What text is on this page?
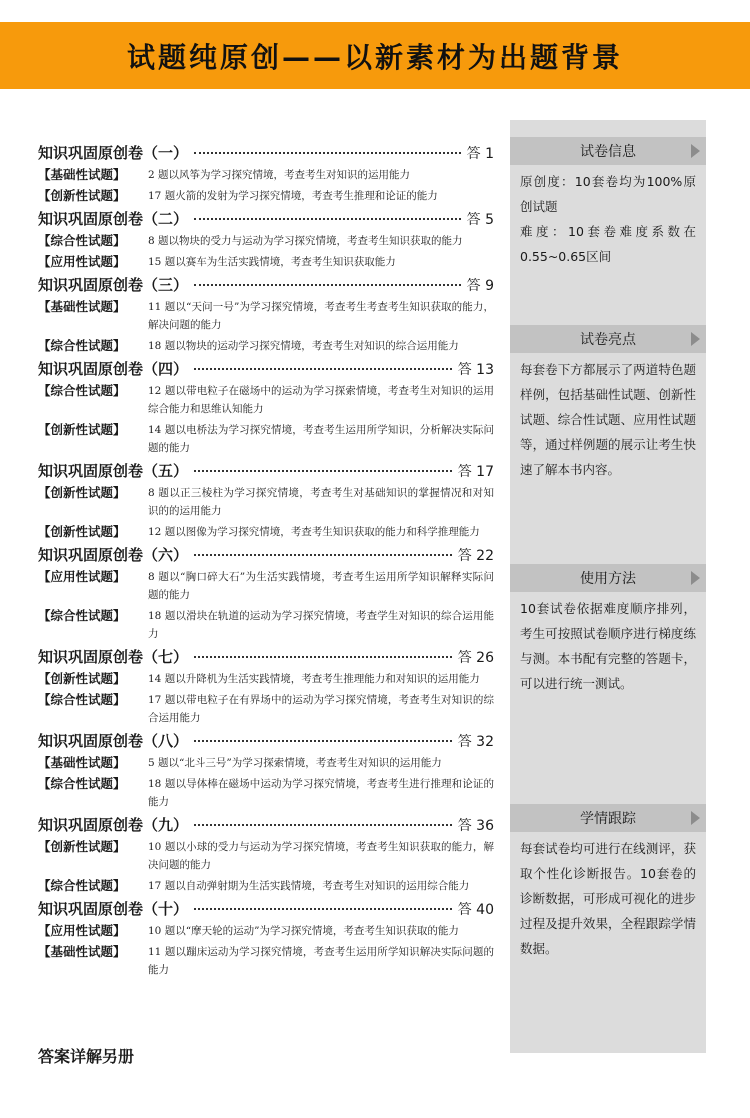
试题纯原创——以新素材为出题背景
知识巩固原创卷（一）	答 1
【基础性试题】	2 题以风筝为学习探究情境，考查考生对知识的运用能力
【创新性试题】	17 题火箭的发射为学习探究情境，考查考生推理和论证的能力
知识巩固原创卷（二）	答 5
【综合性试题】	8 题以物块的受力与运动为学习探究情境，考查考生知识获取的能力
【应用性试题】	15 题以赛车为生活实践情境，考查考生知识获取能力
知识巩固原创卷（三）	答 9
【基础性试题】	11 题以“天问一号”为学习探究情境，考查考生考查考生知识获取的能力，解决问题的能力
【综合性试题】	18 题以物块的运动学习探究情境，考查考生对知识的综合运用能力
知识巩固原创卷（四）	答 13
【综合性试题】	12 题以带电粒子在磁场中的运动为学习探索情境，考查考生对知识的运用综合能力和思维认知能力
【创新性试题】	14 题以电桥法为学习探究情境，考查考生运用所学知识，分析解决实际问题的能力
知识巩固原创卷（五）	答 17
【创新性试题】	8 题以正三棱柱为学习探究情境，考查考生对基础知识的掌握情况和对知识的的运用能力
【创新性试题】	12 题以图像为学习探究情境，考查考生知识获取的能力和科学推理能力
知识巩固原创卷（六）	答 22
【应用性试题】	8 题以“胸口碎大石”为生活实践情境，考查考生运用所学知识解释实际问题的能力
【综合性试题】	18 题以滑块在轨道的运动为学习探究情境，考查学生对知识的综合运用能力
知识巩固原创卷（七）	答 26
【创新性试题】	14 题以升降机为生活实践情境，考查考生推理能力和对知识的运用能力
【综合性试题】	17 题以带电粒子在有界场中的运动为学习探究情境，考查考生对知识的综合运用能力
知识巩固原创卷（八）	答 32
【基础性试题】	5 题以“北斗三号”为学习探索情境，考查考生对知识的运用能力
【综合性试题】	18 题以导体棒在磁场中运动为学习探究情境，考查考生进行推理和论证的能力
知识巩固原创卷（九）	答 36
【创新性试题】	10 题以小球的受力与运动为学习探究情境，考查考生知识获取的能力，解决问题的能力
【综合性试题】	17 题以自动弹射期为生活实践情境，考查考生对知识的运用综合能力
知识巩固原创卷（十）	答 40
【应用性试题】	10 题以“摩天轮的运动”为学习探究情境，考查考生知识获取的能力
【基础性试题】	11 题以蹦床运动为学习探究情境，考查考生运用所学知识解决实际问题的能力
答案详解另册
试卷信息
原创度：10套卷均为100%原创试题
难度：10套卷难度系数在0.55~0.65区间
试卷亮点
每套卷下方都展示了两道特色题样例，包括基础性试题、创新性试题、综合性试题、应用性试题等，通过样例题的展示让考生快速了解本书内容。
使用方法
10套试卷依据难度顺序排列，考生可按照试卷顺序进行梯度练与测。本书配有完整的答题卡，可以进行统一测试。
学情跟踪
每套试卷均可进行在线测评，获取个性化诊断报告。10套卷的诊断数据，可形成可视化的进步过程及提升效果，全程跟踪学情数据。
